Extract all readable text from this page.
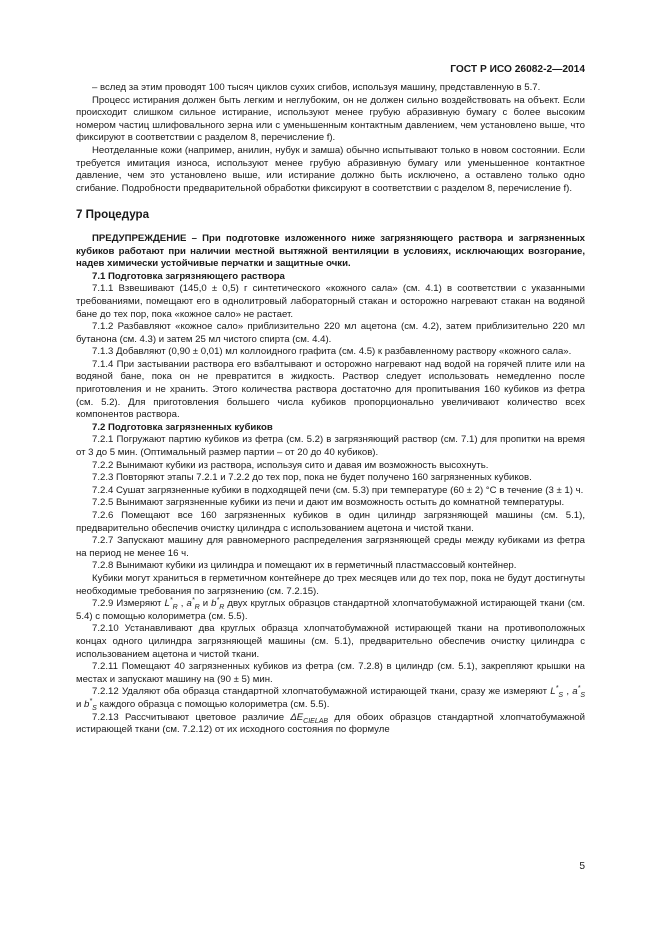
ГОСТ Р ИСО 26082-2—2014

– вслед за этим проводят 100 тысяч циклов сухих сгибов, используя машину, представленную в 5.7.

Процесс истирания должен быть легким и неглубоким, он не должен сильно воздействовать на объект. Если происходит слишком сильное истирание, используют менее грубую абразивную бумагу с более высоким номером частиц шлифовального зерна или с уменьшенным контактным давлением, чем установлено выше, что фиксируют в соответствии с разделом 8, перечисление f).

Неотделанные кожи (например, анилин, нубук и замша) обычно испытывают только в новом состоянии. Если требуется имитация износа, используют менее грубую абразивную бумагу или уменьшенное контактное давление, чем это установлено выше, или истирание должно быть исключено, а оставлено только одно сгибание. Подробности предварительной обработки фиксируют в соответствии с разделом 8, перечисление f).

7 Процедура

ПРЕДУПРЕЖДЕНИЕ – При подготовке изложенного ниже загрязняющего раствора и загрязненных кубиков работают при наличии местной вытяжной вентиляции в условиях, исключающих возгорание, надев химически устойчивые перчатки и защитные очки.

7.1 Подготовка загрязняющего раствора

7.1.1 Взвешивают (145,0 ± 0,5) г синтетического «кожного сала» (см. 4.1) в соответствии с указанными требованиями, помещают его в однолитровый лабораторный стакан и осторожно нагревают стакан на водяной бане до тех пор, пока «кожное сало» не растает.

7.1.2 Разбавляют «кожное сало» приблизительно 220 мл ацетона (см. 4.2), затем приблизительно 220 мл бутанона (см. 4.3) и затем 25 мл чистого спирта (см. 4.4).

7.1.3 Добавляют (0,90 ± 0,01) мл коллоидного графита (см. 4.5) к разбавленному раствору «кожного сала».

7.1.4 При застывании раствора его взбалтывают и осторожно нагревают над водой на горячей плите или на водяной бане, пока он не превратится в жидкость. Раствор следует использовать немедленно после приготовления и не хранить. Этого количества раствора достаточно для пропитывания 160 кубиков из фетра (см. 5.2). Для приготовления большего числа кубиков пропорционально увеличивают количество всех компонентов раствора.

7.2 Подготовка загрязненных кубиков

7.2.1 Погружают партию кубиков из фетра (см. 5.2) в загрязняющий раствор (см. 7.1) для пропитки на время от 3 до 5 мин. (Оптимальный размер партии – от 20 до 40 кубиков).

7.2.2 Вынимают кубики из раствора, используя сито и давая им возможность высохнуть.

7.2.3 Повторяют этапы 7.2.1 и 7.2.2 до тех пор, пока не будет получено 160 загрязненных кубиков.

7.2.4 Сушат загрязненные кубики в подходящей печи (см. 5.3) при температуре (60 ± 2) °С в течение (3 ± 1) ч.

7.2.5 Вынимают загрязненные кубики из печи и дают им возможность остыть до комнатной температуры.

7.2.6 Помещают все 160 загрязненных кубиков в один цилиндр загрязняющей машины (см. 5.1), предварительно обеспечив очистку цилиндра с использованием ацетона и чистой ткани.

7.2.7 Запускают машину для равномерного распределения загрязняющей среды между кубиками из фетра на период не менее 16 ч.

7.2.8 Вынимают кубики из цилиндра и помещают их в герметичный пластмассовый контейнер.

Кубики могут храниться в герметичном контейнере до трех месяцев или до тех пор, пока не будут достигнуты необходимые требования по загрязнению (см. 7.2.15).

7.2.9 Измеряют $L^*_R$ , $a^*_R$ и $b^*_R$ двух круглых образцов стандартной хлопчатобумажной истирающей ткани (см. 5.4) с помощью колориметра (см. 5.5).

7.2.10 Устанавливают два круглых образца хлопчатобумажной истирающей ткани на противоположных концах одного цилиндра загрязняющей машины (см. 5.1), предварительно обеспечив очистку цилиндра с использованием ацетона и чистой ткани.

7.2.11 Помещают 40 загрязненных кубиков из фетра (см. 7.2.8) в цилиндр (см. 5.1), закрепляют крышки на местах и запускают машину на (90 ± 5) мин.

7.2.12 Удаляют оба образца стандартной хлопчатобумажной истирающей ткани, сразу же измеряют $L^*_S$ , $a^*_S$ и $b^*_S$ каждого образца с помощью колориметра (см. 5.5).

7.2.13 Рассчитывают цветовое различие $\Delta E_{CIELAB}$ для обоих образцов стандартной хлопчатобумажной истирающей ткани (см. 7.2.12) от их исходного состояния по формуле

5
